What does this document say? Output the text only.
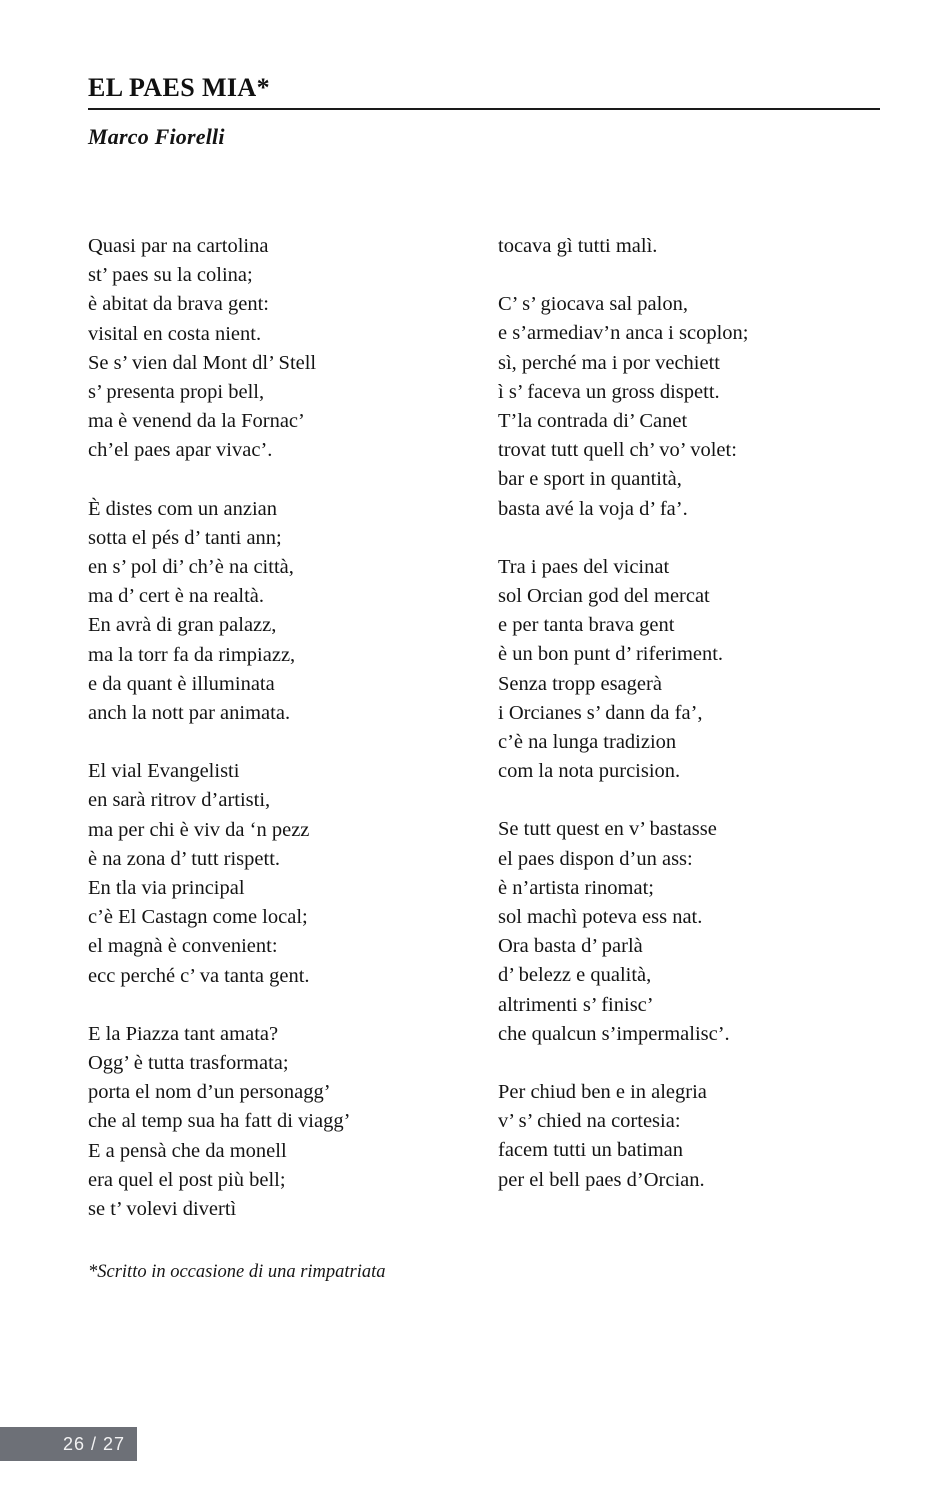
EL PAES MIA*
Marco Fiorelli
Quasi par na cartolina
st’ paes su la colina;
è abitat da brava gent:
visital en costa nient.
Se s’ vien dal Mont dl’ Stell
s’ presenta propi bell,
ma è venend da la Fornac’
ch’el paes apar vivac’.
È distes com un anzian
sotta el pés d’ tanti ann;
en s’ pol di’ ch’è na città,
ma d’ cert è na realtà.
En avrà di gran palazz,
ma la torr fa da rimpiazz,
e da quant è illuminata
anch la nott par animata.
El vial Evangelisti
en sarà ritrov d’artisti,
ma per chi è viv da ‘n pezz
è na zona d’ tutt rispett.
En tla via principal
c’è El Castagn come local;
el magnà è convenient:
ecc perché c’ va tanta gent.
E la Piazza tant amata?
Ogg’ è tutta trasformata;
porta el nom d’un personagg’
che al temp sua ha fatt di viagg’
E a pensà che da monell
era quel el post più bell;
se t’ volevi divertì
tocava gì tutti malì.
C’ s’ giocava sal palon,
e s’armediav’n anca i scoplon;
sì, perché ma i por vechiett
ì s’ faceva un gross dispett.
T’la contrada di’ Canet
trovat tutt quell ch’ vo’ volet:
bar e sport in quantità,
basta avé la voja d’ fa’.
Tra i paes del vicinat
sol Orcian god del mercat
e per tanta brava gent
è un bon punt d’ riferiment.
Senza tropp esagerà
i Orcianes s’ dann da fa’,
c’è na lunga tradizion
com la nota purcision.
Se tutt quest en v’ bastasse
el paes dispon d’un ass:
è n’artista rinomat;
sol machì poteva ess nat.
Ora basta d’ parlà
d’ belezz e qualità,
altrimenti s’ finisc’
che qualcun s’impermalisc’.
Per chiud ben e in alegria
v’ s’ chied na cortesia:
facem tutti un batiman
per el bell paes d’Orcian.
*Scritto in occasione di una rimpatriata
26 / 27
